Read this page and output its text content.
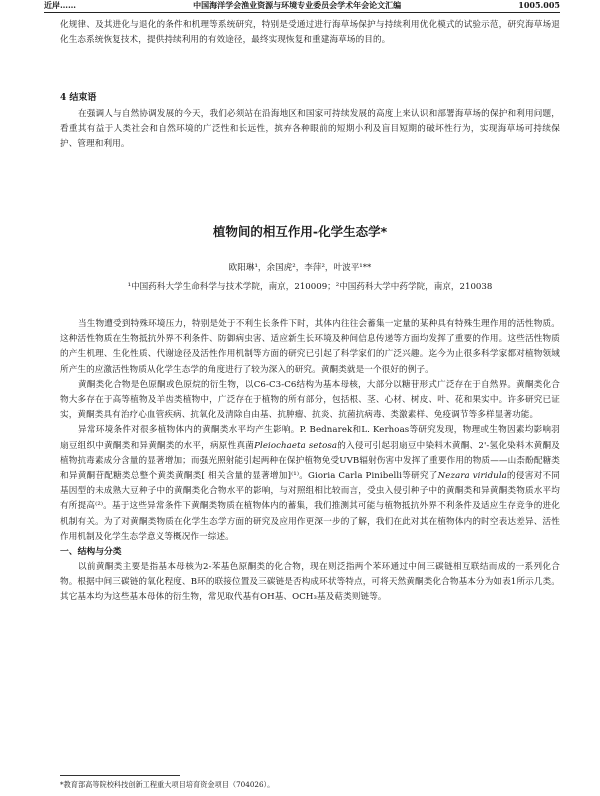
近岸……	中国海洋学会渔业资源与环境专业委员会学术年会论文汇编	1005.005

化规律、及其进化与退化的条件和机理等系统研究，特别是受通过进行海草场保护与持续利用优化模式的试验示范，研究海草场退化生态系统恢复技术，提供持续利用的有效途径，最终实现恢复和重建海草场的目的。

4 结束语

在强调人与自然协调发展的今天，我们必须站在沿海地区和国家可持续发展的高度上来认识和部署海草场的保护和利用问题，看重其有益于人类社会和自然环境的广泛性和长远性，摈弃各种眼前的短期小利及盲目短期的破坏性行为，实现海草场可持续保护、管理和利用。

植物间的相互作用-化学生态学*
欧阳琳¹，余国虎²，李萍²，叶波平¹**
¹中国药科大学生命科学与技术学院，南京，210009；²中国药科大学中药学院，南京，210038

当生物遭受到特殊环境压力，特别是处于不利生长条件下时，其体内往往会蓄集一定量的某种具有特殊生理作用的活性物质。这种活性物质在生物抵抗外界不利条件、防御病虫害、适应新生长环境及种间信息传递等方面均发挥了重要的作用。这些活性物质的产生机理、生化性质、代谢途径及活性作用机制等方面的研究已引起了科学家们的广泛兴趣。迄今为止很多科学家都对植物领域所产生的应激活性物质从化学生态学的角度进行了较为深入的研究。黄酮类就是一个很好的例子。

黄酮类化合物是色原酮或色原烷的衍生物，以C6-C3-C6结构为基本母核，大部分以糖苷形式广泛存在于自然界。黄酮类化合物大多存在于高等植物及羊齿类植物中，广泛存在于植物的所有部分，包括根、茎、心材、树皮、叶、花和果实中。许多研究已证实，黄酮类具有治疗心血管疾病、抗氧化及清除自由基、抗肿瘤、抗炎、抗菌抗病毒、类激素样、免疫调节等多样显著功能。

异常环境条件对很多植物体内的黄酮类水平均产生影响。P. Bednarek和L. Kerhoas等研究发现，物理或生物因素均影响羽扇豆组织中黄酮类和异黄酮类的水平，病原性真菌Pleiochaeta setosa的入侵可引起羽扇豆中染料木黄酮、2'-氢化染料木黄酮及植物抗毒素成分含量的显著增加；而强光照射能引起两种在保护植物免受UVB辐射伤害中发挥了重要作用的物质——山柰酚配糖类和异黄酮苷配糖类总整个黄类黄酮类[ 相关含量的显著增加]⁽¹⁾。Gioria Carla Pinibelli等研究了Nezara viridula的侵害对不同基因型的未成熟大豆种子中的黄酮类化合物水平的影响，与对照组相比较而言，受虫入侵引种子中的黄酮类和异黄酮类物质水平均有所提高⁽²⁾。基于这些异常条件下黄酮类物质在植物体内的蓄集，我们推测其可能与植物抵抗外界不利条件及适应生存竞争的进化机制有关。为了对黄酮类物质在化学生态学方面的研究及应用作更深一步的了解，我们在此对其在植物体内的时空表达差异、活性作用机制及化学生态学意义等概况作一综述。

一、结构与分类

以前黄酮类主要是指基本母核为2-苯基色原酮类的化合物，现在则泛指两个苯环通过中间三碳链相互联结而成的一系列化合物。根据中间三碳链的氧化程度、B环的联接位置及三碳链是否构成环状等特点，可将天然黄酮类化合物基本分为如表1所示几类。其它基本均为这些基本母体的衍生物，常见取代基有OH基、OCH₃基及萜类则链等。

*教育部高等院校科技创新工程重大项目培育资金项目（704026）。
